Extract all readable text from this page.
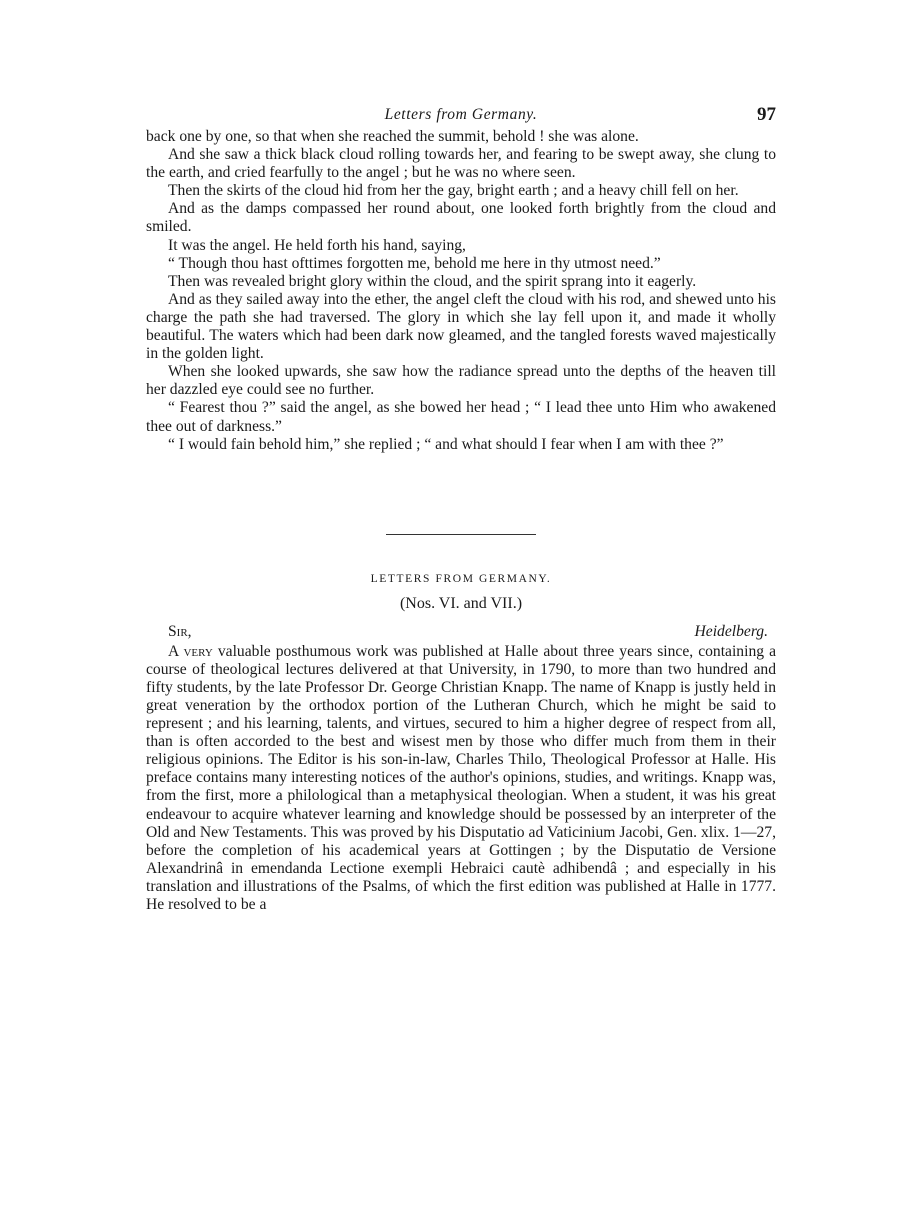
Letters from Germany.	97

back one by one, so that when she reached the summit, behold ! she was alone.

And she saw a thick black cloud rolling towards her, and fearing to be swept away, she clung to the earth, and cried fearfully to the angel ; but he was no where seen.

Then the skirts of the cloud hid from her the gay, bright earth ; and a heavy chill fell on her.

And as the damps compassed her round about, one looked forth brightly from the cloud and smiled.

It was the angel. He held forth his hand, saying,

“ Though thou hast ofttimes forgotten me, behold me here in thy utmost need.”

Then was revealed bright glory within the cloud, and the spirit sprang into it eagerly.

And as they sailed away into the ether, the angel cleft the cloud with his rod, and shewed unto his charge the path she had traversed. The glory in which she lay fell upon it, and made it wholly beautiful. The waters which had been dark now gleamed, and the tangled forests waved majestically in the golden light.

When she looked upwards, she saw how the radiance spread unto the depths of the heaven till her dazzled eye could see no further.

“ Fearest thou ?” said the angel, as she bowed her head ; “ I lead thee unto Him who awakened thee out of darkness.”

“ I would fain behold him,” she replied ; “ and what should I fear when I am with thee ?”

LETTERS FROM GERMANY.
(Nos. VI. and VII.)
Sir,	Heidelberg.

A very valuable posthumous work was published at Halle about three years since, containing a course of theological lectures delivered at that University, in 1790, to more than two hundred and fifty students, by the late Professor Dr. George Christian Knapp. The name of Knapp is justly held in great veneration by the orthodox portion of the Lutheran Church, which he might be said to represent ; and his learning, talents, and virtues, secured to him a higher degree of respect from all, than is often accorded to the best and wisest men by those who differ much from them in their religious opinions. The Editor is his son-in-law, Charles Thilo, Theological Professor at Halle. His preface contains many interesting notices of the author's opinions, studies, and writings. Knapp was, from the first, more a philological than a metaphysical theologian. When a student, it was his great endeavour to acquire whatever learning and knowledge should be possessed by an interpreter of the Old and New Testaments. This was proved by his Disputatio ad Vaticinium Jacobi, Gen. xlix. 1—27, before the completion of his academical years at Gottingen ; by the Disputatio de Versione Alexandrinâ in emendanda Lectione exempli Hebraici cautè adhibendâ ; and especially in his translation and illustrations of the Psalms, of which the first edition was published at Halle in 1777. He resolved to be a
